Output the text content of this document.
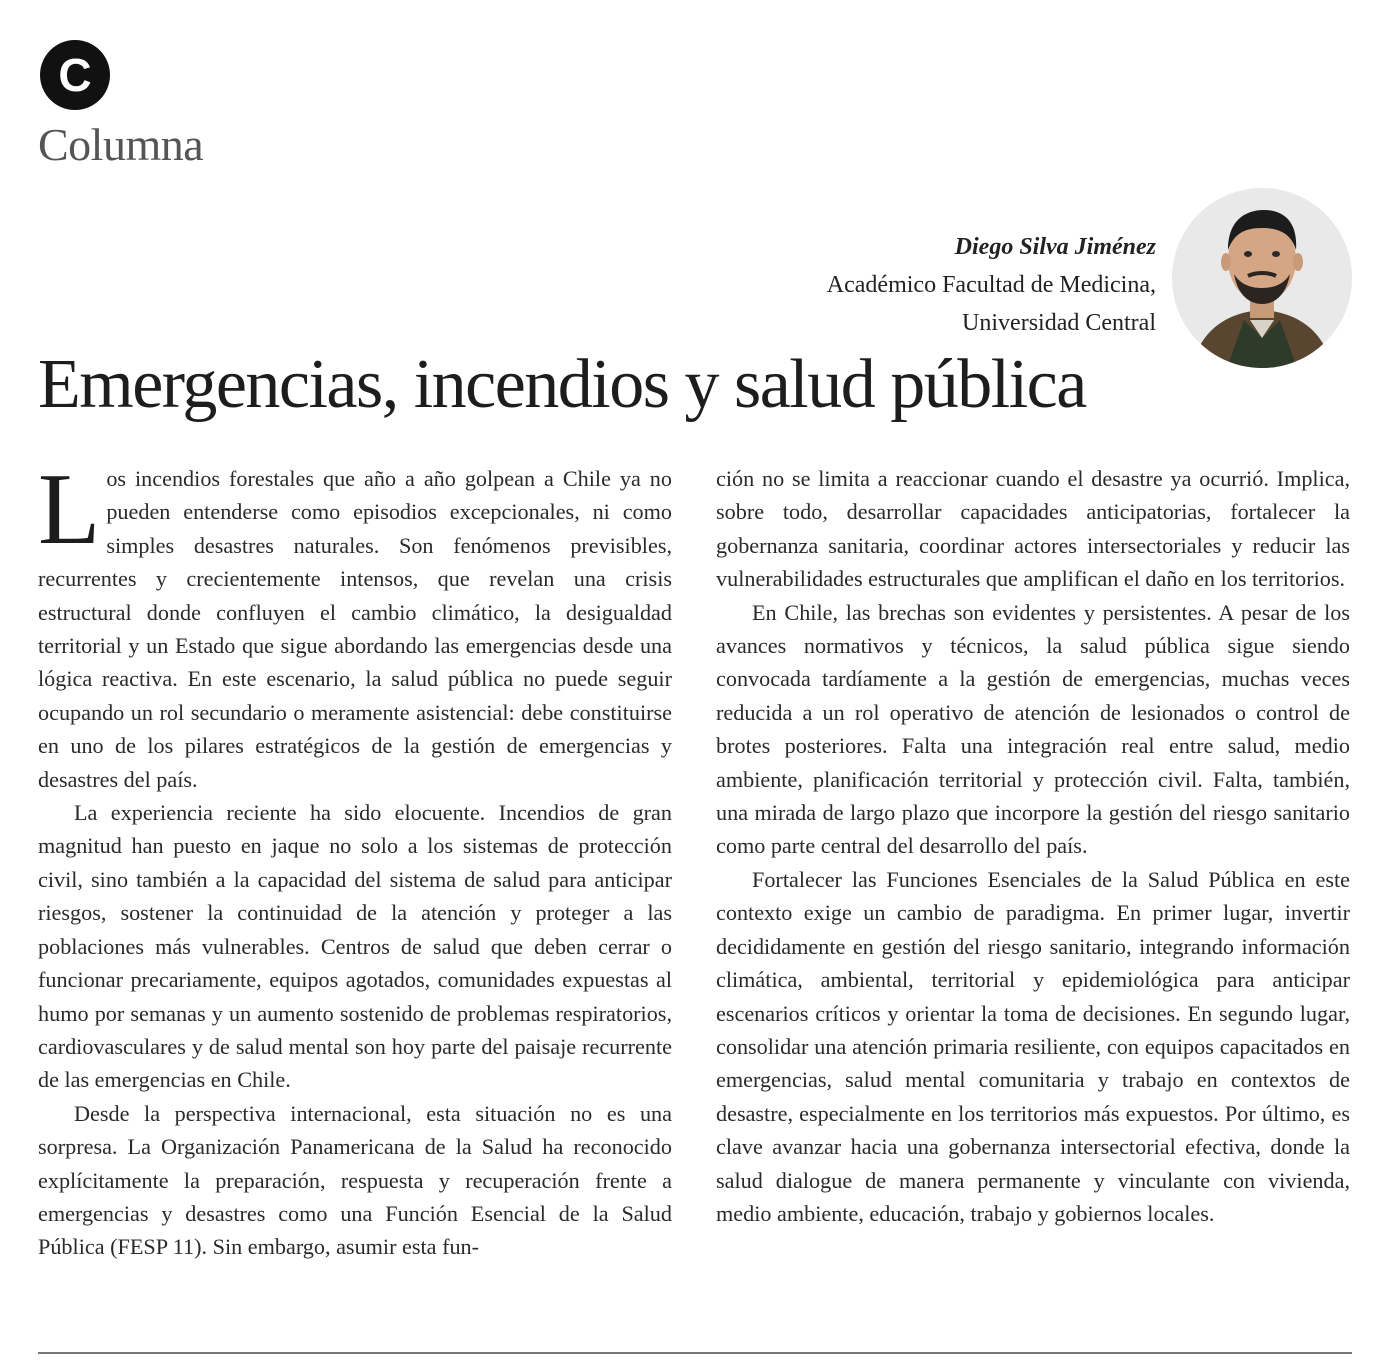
C
Columna
Diego Silva Jiménez
Académico Facultad de Medicina,
Universidad Central
Emergencias, incendios y salud pública

Los incendios forestales que año a año golpean a Chile ya no pueden entenderse como episodios excepcionales, ni como simples desastres naturales. Son fenómenos previsibles, recurrentes y crecientemente intensos, que revelan una crisis estructural donde confluyen el cambio climático, la desigualdad territorial y un Estado que sigue abordando las emergencias desde una lógica reactiva. En este escenario, la salud pública no puede seguir ocupando un rol secundario o meramente asistencial: debe constituirse en uno de los pilares estratégicos de la gestión de emergencias y desastres del país.

La experiencia reciente ha sido elocuente. Incendios de gran magnitud han puesto en jaque no solo a los sistemas de protección civil, sino también a la capacidad del sistema de salud para anticipar riesgos, sostener la continuidad de la atención y proteger a las poblaciones más vulnerables. Centros de salud que deben cerrar o funcionar precariamente, equipos agotados, comunidades expuestas al humo por semanas y un aumento sostenido de problemas respiratorios, cardiovasculares y de salud mental son hoy parte del paisaje recurrente de las emergencias en Chile.

Desde la perspectiva internacional, esta situación no es una sorpresa. La Organización Panamericana de la Salud ha reconocido explícitamente la preparación, respuesta y recuperación frente a emergencias y desastres como una Función Esencial de la Salud Pública (FESP 11). Sin embargo, asumir esta fun-

ción no se limita a reaccionar cuando el desastre ya ocurrió. Implica, sobre todo, desarrollar capacidades anticipatorias, fortalecer la gobernanza sanitaria, coordinar actores intersectoriales y reducir las vulnerabilidades estructurales que amplifican el daño en los territorios.

En Chile, las brechas son evidentes y persistentes. A pesar de los avances normativos y técnicos, la salud pública sigue siendo convocada tardíamente a la gestión de emergencias, muchas veces reducida a un rol operativo de atención de lesionados o control de brotes posteriores. Falta una integración real entre salud, medio ambiente, planificación territorial y protección civil. Falta, también, una mirada de largo plazo que incorpore la gestión del riesgo sanitario como parte central del desarrollo del país.

Fortalecer las Funciones Esenciales de la Salud Pública en este contexto exige un cambio de paradigma. En primer lugar, invertir decididamente en gestión del riesgo sanitario, integrando información climática, ambiental, territorial y epidemiológica para anticipar escenarios críticos y orientar la toma de decisiones. En segundo lugar, consolidar una atención primaria resiliente, con equipos capacitados en emergencias, salud mental comunitaria y trabajo en contextos de desastre, especialmente en los territorios más expuestos. Por último, es clave avanzar hacia una gobernanza intersectorial efectiva, donde la salud dialogue de manera permanente y vinculante con vivienda, medio ambiente, educación, trabajo y gobiernos locales.
